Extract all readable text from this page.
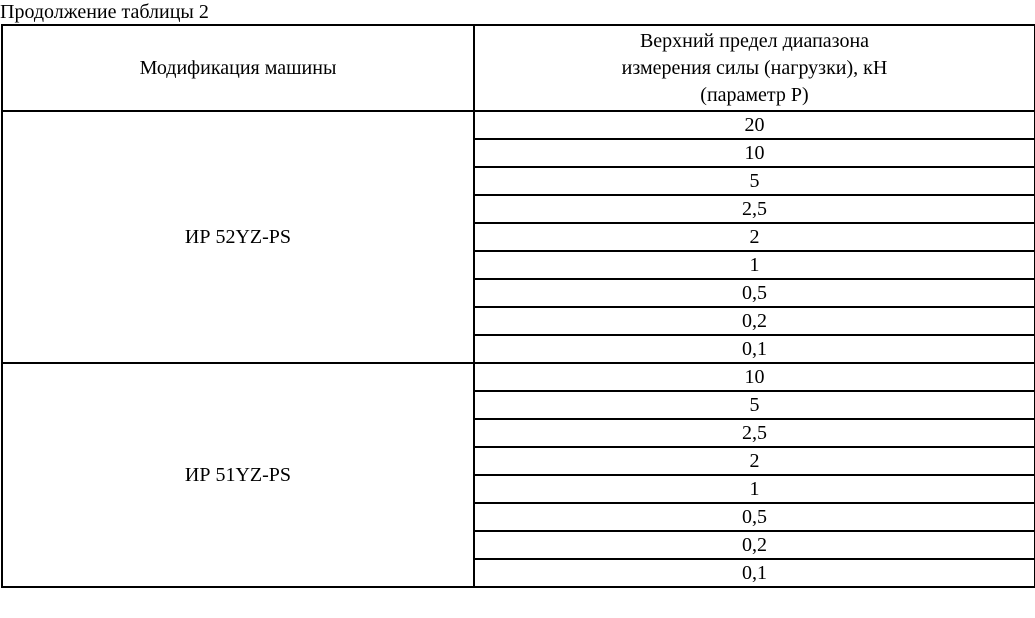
Продолжение таблицы 2
Модификация машины	Верхний предел диапазона
измерения силы (нагрузки), кН
(параметр Р)

ИР 52YZ-PS	20
	10
	5
	2,5
	2
	1
	0,5
	0,2
	0,1
ИР 51YZ-PS	10
	5
	2,5
	2
	1
	0,5
	0,2
	0,1
